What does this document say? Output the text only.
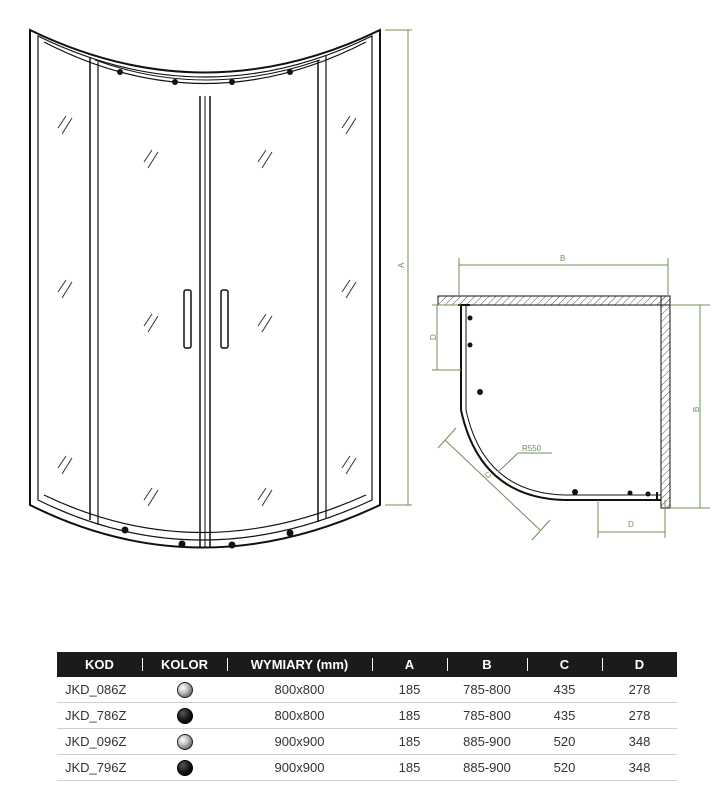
A
B
B
D
C
R550
D
KOD	KOLOR	WYMIARY (mm)	A	B	C	D
JKD_086Z		800x800	185	785-800	435	278
JKD_786Z		800x800	185	785-800	435	278
JKD_096Z		900x900	185	885-900	520	348
JKD_796Z		900x900	185	885-900	520	348
